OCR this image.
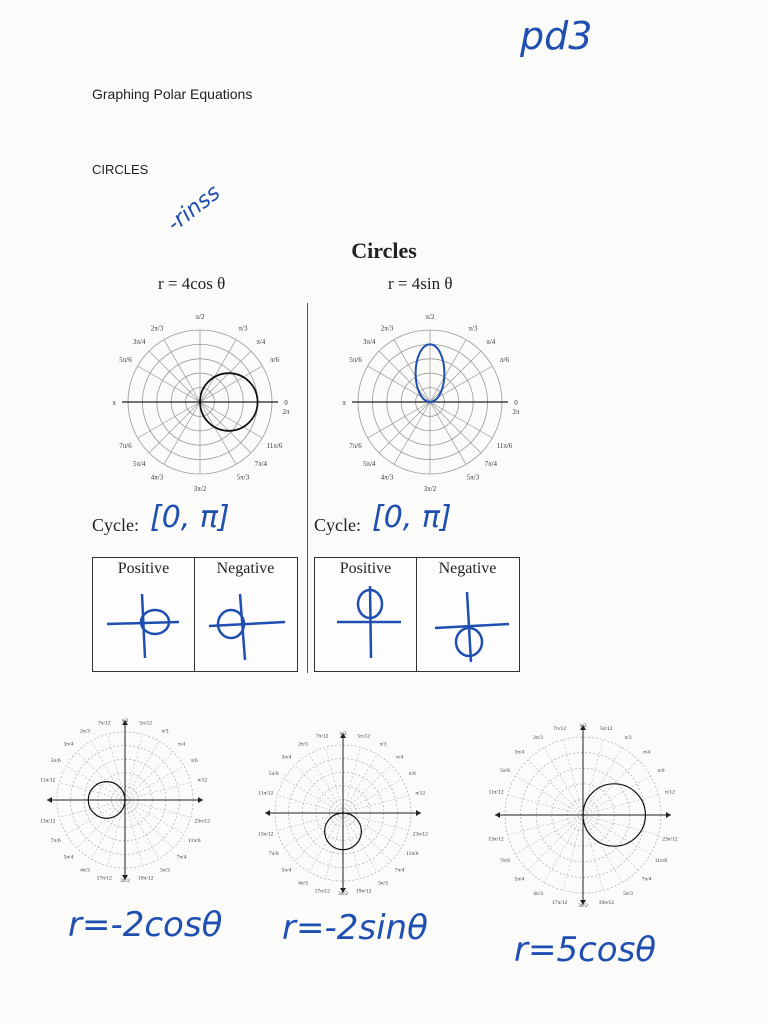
Graphing Polar Equations
CIRCLES
Circles
pd3
-rinss
r = 4cos θ	r = 4sin θ
0
π/6
π/4
π/3
π/2
2π/3
3π/4
5π/6
π
7π/6
5π/4
4π/3
3π/2
5π/3
7π/4
11π/6
2π
0
π/6
π/4
π/3
π/2
2π/3
3π/4
5π/6
π
7π/6
5π/4
4π/3
3π/2
5π/3
7π/4
11π/6
2π
Cycle: [0, π]	Cycle: [0, π]
Positive	Negative	Positive	Negative
π/12
π/6
π/4
π/3
5π/12
π/2
7π/12
2π/3
3π/4
5π/6
11π/12
13π/12
7π/6
5π/4
4π/3
17π/12 3π/2 19π/12
5π/3
7π/4
11π/6
23π/12
π/12
π/6
π/4
π/3
5π/12
π/2
7π/12
2π/3
3π/4
5π/6
11π/12
13π/12
7π/6
5π/4
4π/3
17π/12 3π/2 19π/12
5π/3
7π/4
11π/6
23π/12
π/12
π/6
π/4
π/3
5π/12
π/2
7π/12
2π/3
3π/4
5π/6
11π/12
13π/12
7π/6
5π/4
4π/3
17π/12
3π/2
19π/12
5π/3
7π/4
11π/6
23π/12
r=-2cosθ r=-2sinθ
r=5cosθ
